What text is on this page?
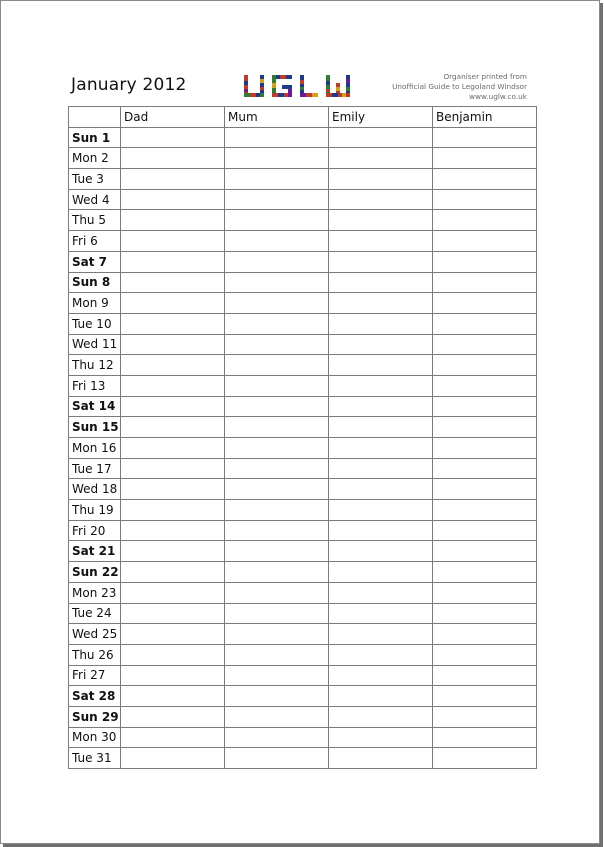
January 2012	Organiser printed from
Unofficial Guide to Legoland Windsor
www.uglw.co.uk
	Dad	Mum	Emily	Benjamin
Sun 1				
Mon 2				
Tue 3				
Wed 4				
Thu 5				
Fri 6				
Sat 7				
Sun 8				
Mon 9				
Tue 10				
Wed 11				
Thu 12				
Fri 13				
Sat 14				
Sun 15				
Mon 16				
Tue 17				
Wed 18				
Thu 19				
Fri 20				
Sat 21				
Sun 22				
Mon 23				
Tue 24				
Wed 25				
Thu 26				
Fri 27				
Sat 28				
Sun 29				
Mon 30				
Tue 31				
